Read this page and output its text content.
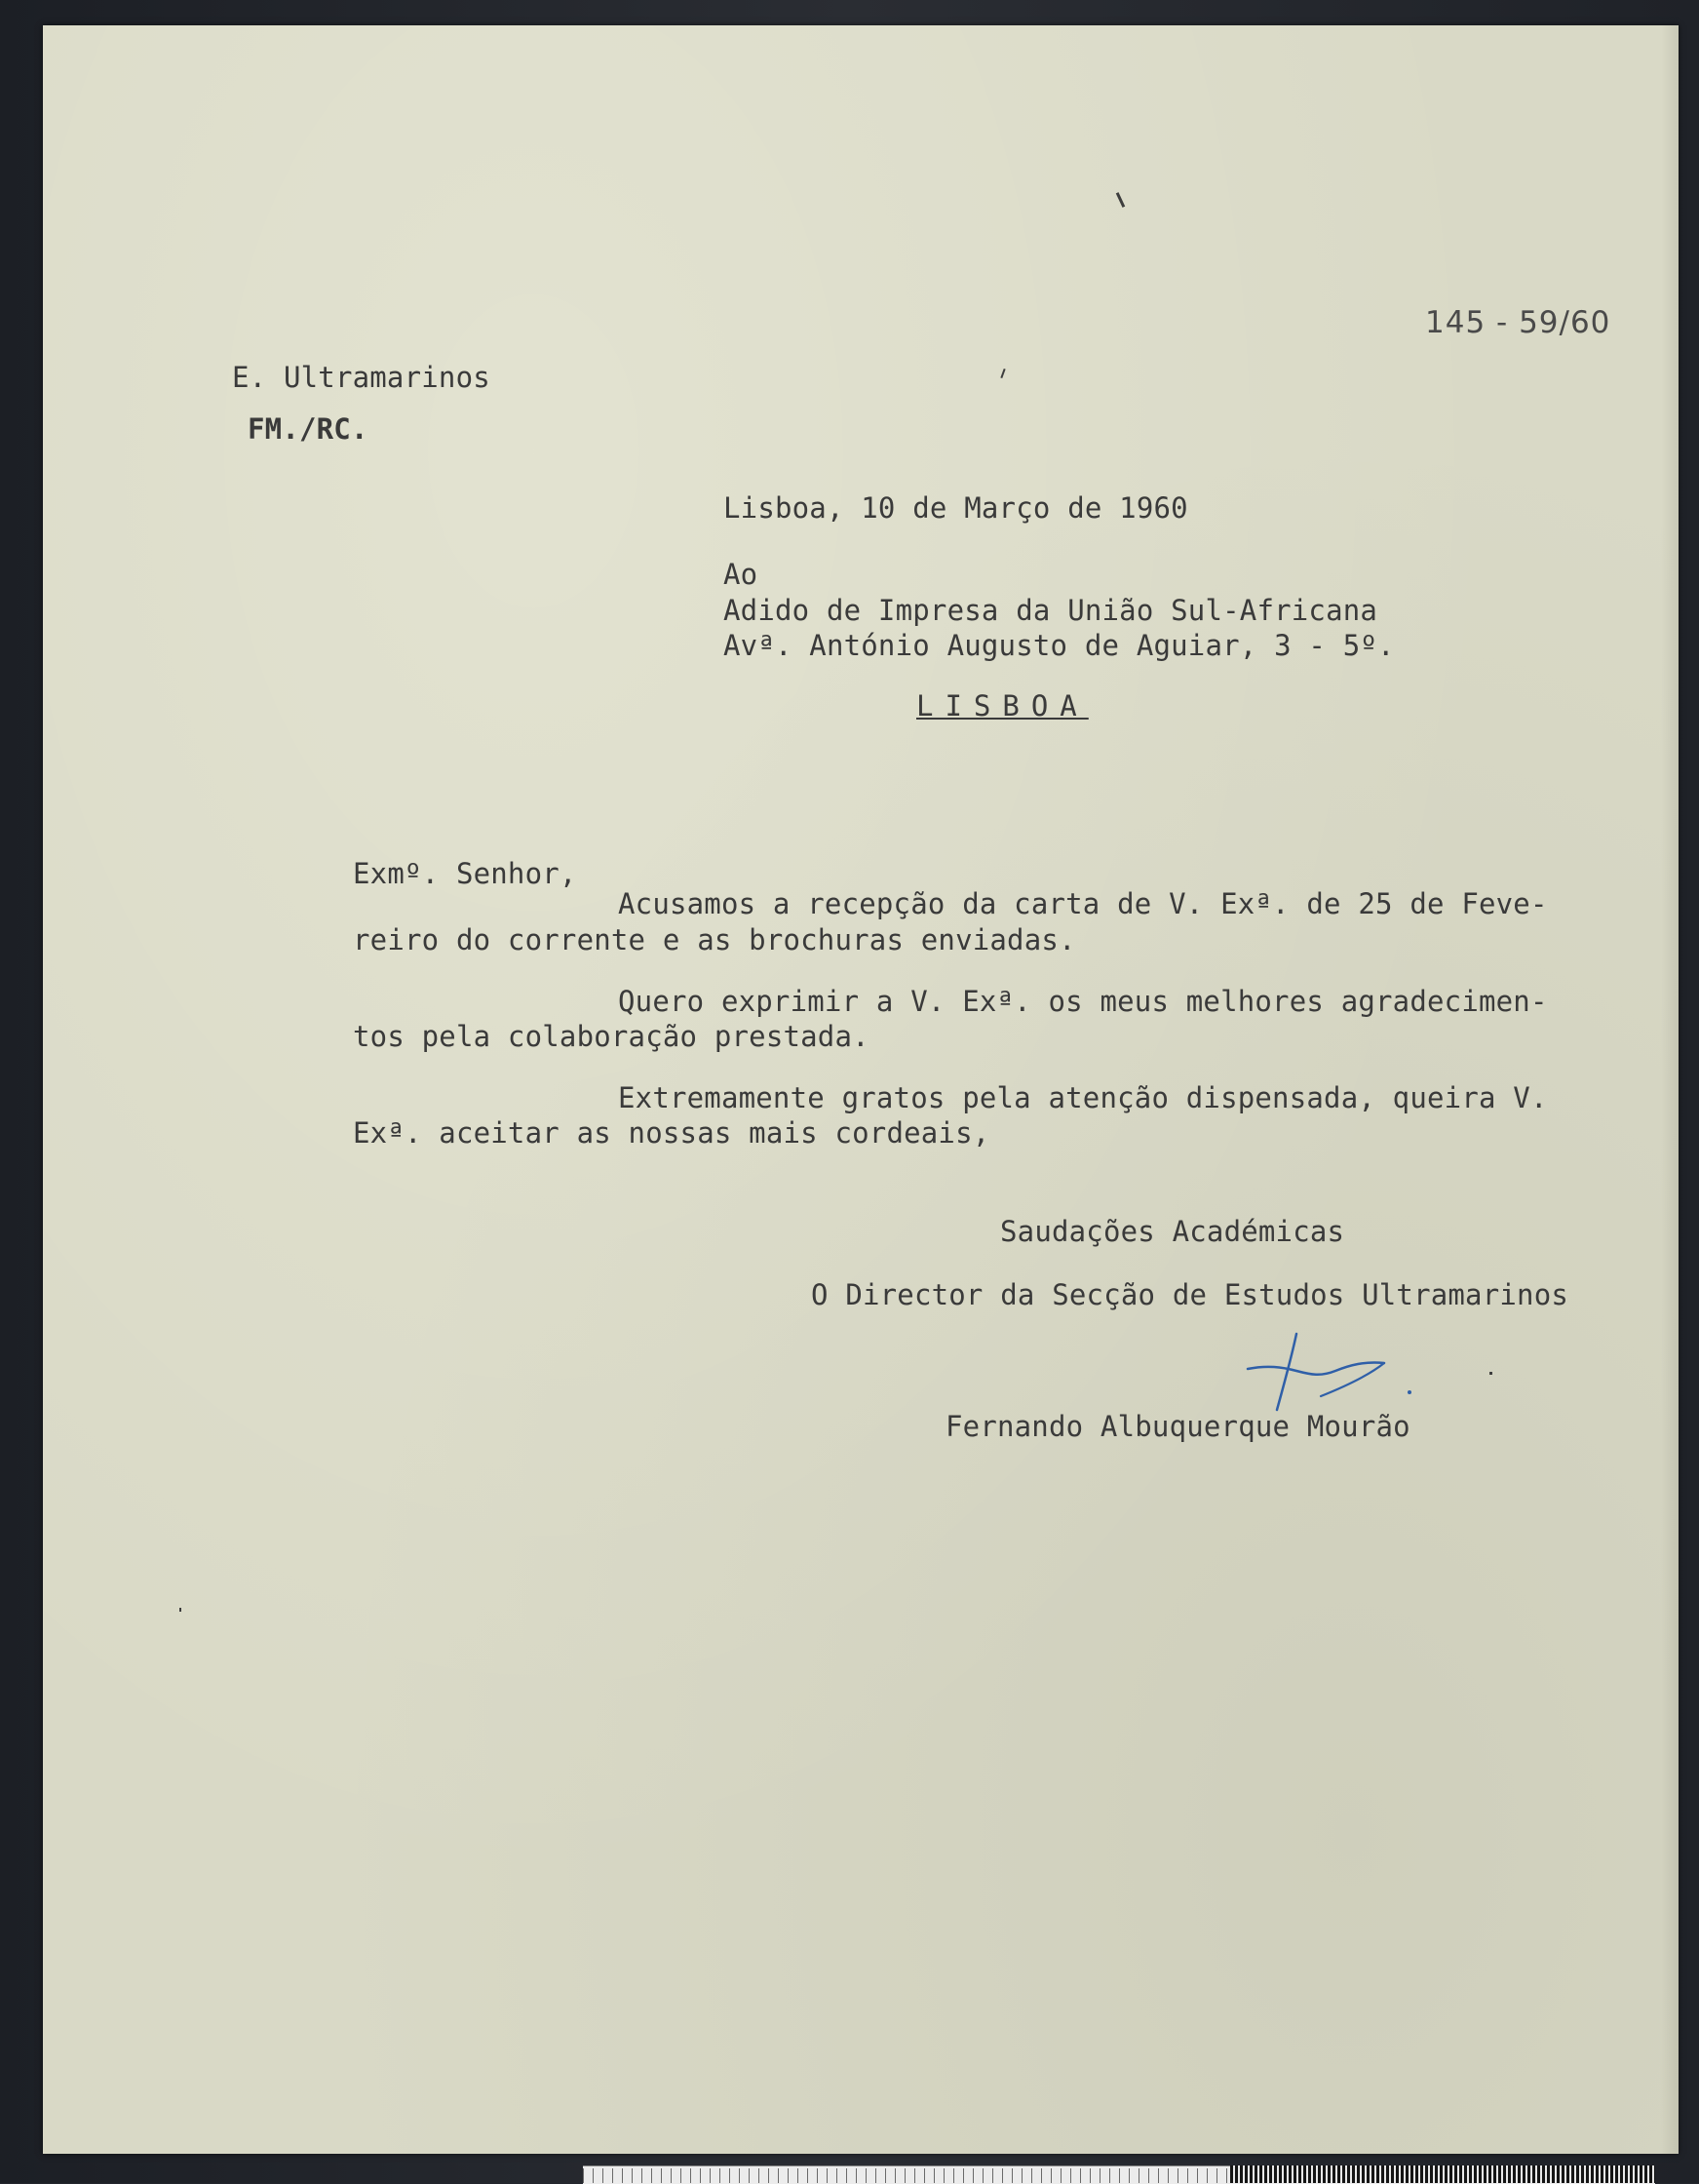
145 - 59/60
E. Ultramarinos
FM./RC.
Lisboa, 10 de Março de 1960
Ao
Adido de Impresa da União Sul-Africana
Avª. António Augusto de Aguiar, 3 - 5º.
LISBOA
Exmº. Senhor,
Acusamos a recepção da carta de V. Exª. de 25 de Feve-
reiro do corrente e as brochuras enviadas.
Quero exprimir a V. Exª. os meus melhores agradecimen-
tos pela colaboração prestada.
Extremamente gratos pela atenção dispensada, queira V.
Exª. aceitar as nossas mais cordeais,
Saudações Académicas
O Director da Secção de Estudos Ultramarinos
Fernando Albuquerque Mourão
